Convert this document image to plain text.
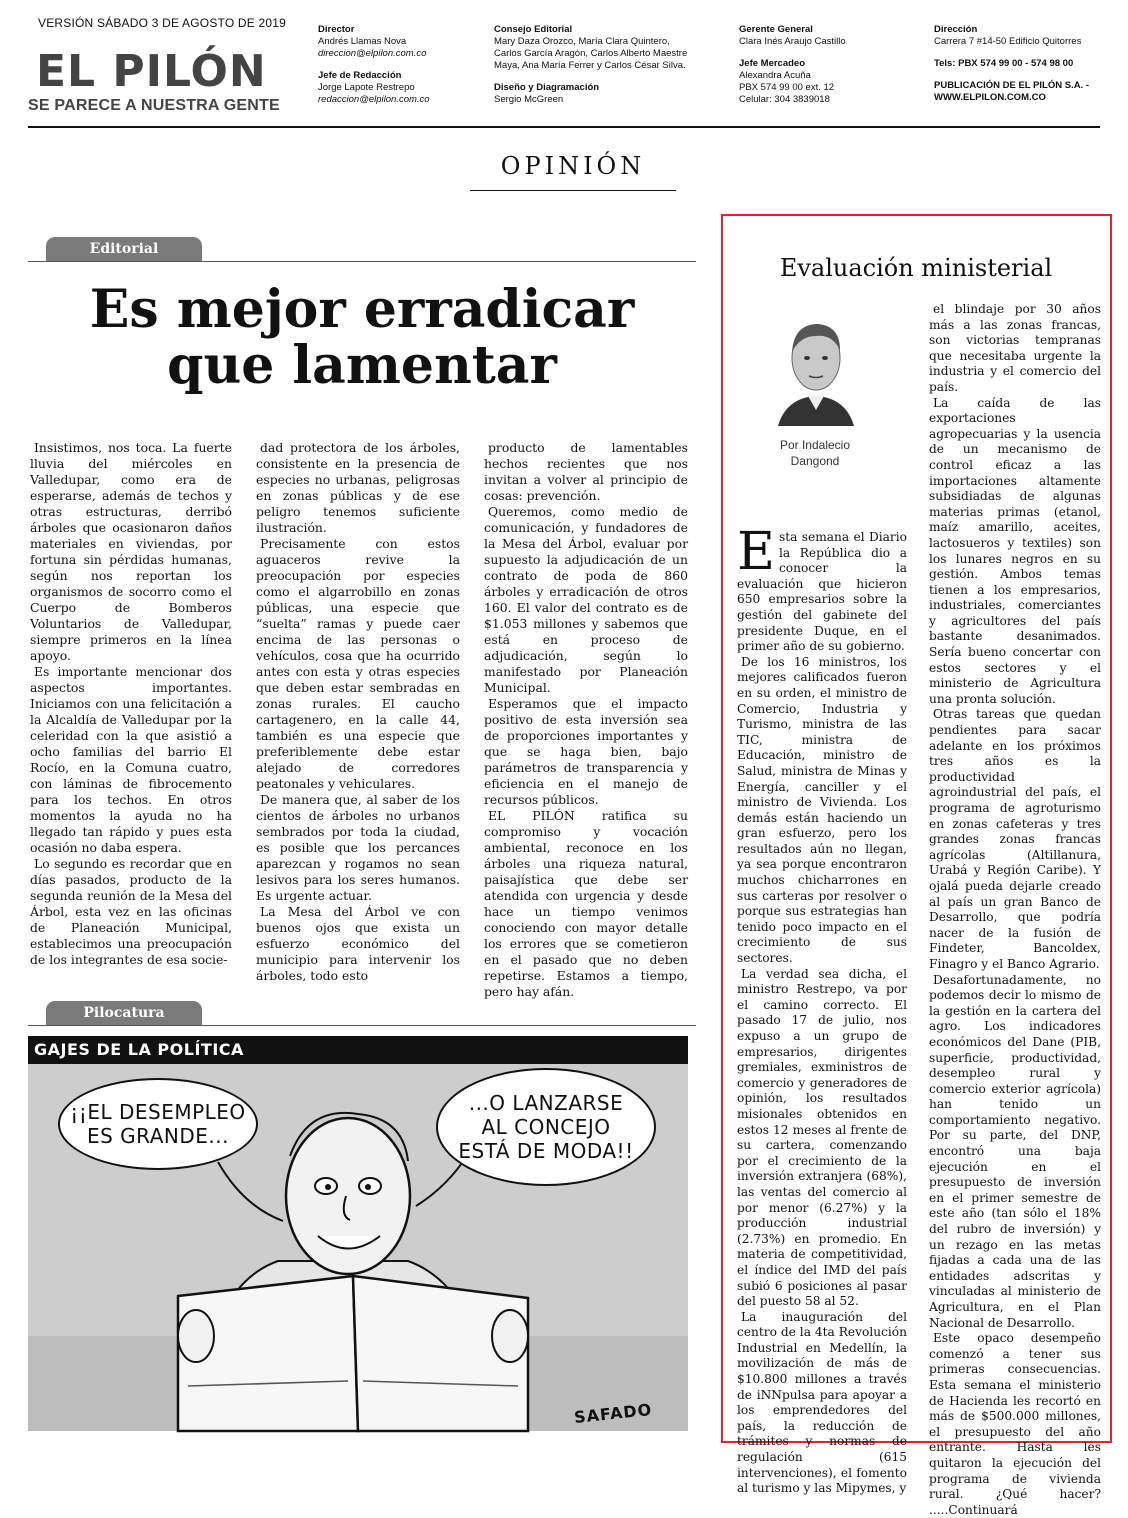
VERSIÓN SÁBADO 3 DE AGOSTO DE 2019
EL PILÓN
SE PARECE A NUESTRA GENTE
Director
Andrés Llamas Nova
direccion@elpilon.com.co
Jefe de Redacción
Jorge Lapote Restrepo
redaccion@elpilon.com.co
Consejo Editorial
Mary Daza Orozco, María Clara Quintero,
Carlos García Aragón, Carlos Alberto Maestre
Maya, Ana María Ferrer y Carlos César Silva.
Diseño y Diagramación
Sergio McGreen
Gerente General
Clara Inés Araujo Castillo
Jefe Mercadeo
Alexandra Acuña
PBX 574 99 00 ext. 12
Celular: 304 3839018
Dirección
Carrera 7 #14-50 Edificio Quitorres
Tels: PBX 574 99 00 - 574 98 00
PUBLICACIÓN DE EL PILÓN S.A. -
WWW.ELPILON.COM.CO
OPINIÓN
Editorial
Es mejor erradicar
que lamentar

Insistimos, nos toca. La fuerte lluvia del miércoles en Valledupar, como era de esperarse, además de techos y otras estructuras, derribó árboles que ocasionaron daños materiales en viviendas, por fortuna sin pérdidas humanas, según nos reportan los organismos de socorro como el Cuerpo de Bomberos Voluntarios de Valledupar, siempre primeros en la línea apoyo.

Es importante mencionar dos aspectos importantes. Iniciamos con una felicitación a la Alcaldía de Valledupar por la celeridad con la que asistió a ocho familias del barrio El Rocío, en la Comuna cuatro, con láminas de fibrocemento para los techos. En otros momentos la ayuda no ha llegado tan rápido y pues esta ocasión no daba espera.

Lo segundo es recordar que en días pasados, producto de la segunda reunión de la Mesa del Árbol, esta vez en las oficinas de Planeación Municipal, establecimos una preocupación de los integrantes de esa socie-

dad protectora de los árboles, consistente en la presencia de especies no urbanas, peligrosas en zonas públicas y de ese peligro tenemos suficiente ilustración.

Precisamente con estos aguaceros revive la preocupación por especies como el algarrobillo en zonas públicas, una especie que “suelta” ramas y puede caer encima de las personas o vehículos, cosa que ha ocurrido antes con esta y otras especies que deben estar sembradas en zonas rurales. El caucho cartagenero, en la calle 44, también es una especie que preferiblemente debe estar alejado de corredores peatonales y vehiculares.

De manera que, al saber de los cientos de árboles no urbanos sembrados por toda la ciudad, es posible que los percances aparezcan y rogamos no sean lesivos para los seres humanos. Es urgente actuar.

La Mesa del Árbol ve con buenos ojos que exista un esfuerzo económico del municipio para intervenir los árboles, todo esto

producto de lamentables hechos recientes que nos invitan a volver al principio de cosas: prevención.

Queremos, como medio de comunicación, y fundadores de la Mesa del Árbol, evaluar por supuesto la adjudicación de un contrato de poda de 860 árboles y erradicación de otros 160. El valor del contrato es de $1.053 millones y sabemos que está en proceso de adjudicación, según lo manifestado por Planeación Municipal.

Esperamos que el impacto positivo de esta inversión sea de proporciones importantes y que se haga bien, bajo parámetros de transparencia y eficiencia en el manejo de recursos públicos.

EL PILÓN ratifica su compromiso y vocación ambiental, reconoce en los árboles una riqueza natural, paisajística que debe ser atendida con urgencia y desde hace un tiempo venimos conociendo con mayor detalle los errores que se cometieron en el pasado que no deben repetirse. Estamos a tiempo, pero hay afán.

Pilocatura
GAJES DE LA POLÍTICA
¡¡EL DESEMPLEO
ES GRANDE...
...O LANZARSE
AL CONCEJO
ESTÁ DE MODA!!
SAFADO
Evaluación ministerial
Por Indalecio
Dangond

Esta semana el Diario la República dio a conocer la evaluación que hicieron 650 empresarios sobre la gestión del gabinete del presidente Duque, en el primer año de su gobierno.

De los 16 ministros, los mejores calificados fueron en su orden, el ministro de Comercio, Industria y Turismo, ministra de las TIC, ministra de Educación, ministro de Salud, ministra de Minas y Energía, canciller y el ministro de Vivienda. Los demás están haciendo un gran esfuerzo, pero los resultados aún no llegan, ya sea porque encontraron muchos chicharrones en sus carteras por resolver o porque sus estrategias han tenido poco impacto en el crecimiento de sus sectores.

La verdad sea dicha, el ministro Restrepo, va por el camino correcto. El pasado 17 de julio, nos expuso a un grupo de empresarios, dirigentes gremiales, exministros de comercio y generadores de opinión, los resultados misionales obtenidos en estos 12 meses al frente de su cartera, comenzando por el crecimiento de la inversión extranjera (68%), las ventas del comercio al por menor (6.27%) y la producción industrial (2.73%) en promedio. En materia de competitividad, el índice del IMD del país subió 6 posiciones al pasar del puesto 58 al 52.

La inauguración del centro de la 4ta Revolución Industrial en Medellín, la movilización de más de $10.800 millones a través de iNNpulsa para apoyar a los emprendedores del país, la reducción de trámites y normas de regulación (615 intervenciones), el fomento al turismo y las Mipymes, y

el blindaje por 30 años más a las zonas francas, son victorias tempranas que necesitaba urgente la industria y el comercio del país.

La caída de las exportaciones agropecuarias y la usencia de un mecanismo de control eficaz a las importaciones altamente subsidiadas de algunas materias primas (etanol, maíz amarillo, aceites, lactosueros y textiles) son los lunares negros en su gestión. Ambos temas tienen a los empresarios, industriales, comerciantes y agricultores del país bastante desanimados. Sería bueno concertar con estos sectores y el ministerio de Agricultura una pronta solución.

Otras tareas que quedan pendientes para sacar adelante en los próximos tres años es la productividad agroindustrial del país, el programa de agroturismo en zonas cafeteras y tres grandes zonas francas agrícolas (Altillanura, Urabá y Región Caribe). Y ojalá pueda dejarle creado al país un gran Banco de Desarrollo, que podría nacer de la fusión de Findeter, Bancoldex, Finagro y el Banco Agrario.

Desafortunadamente, no podemos decir lo mismo de la gestión en la cartera del agro. Los indicadores económicos del Dane (PIB, superficie, productividad, desempleo rural y comercio exterior agrícola) han tenido un comportamiento negativo. Por su parte, del DNP, encontró una baja ejecución en el presupuesto de inversión en el primer semestre de este año (tan sólo el 18% del rubro de inversión) y un rezago en las metas fijadas a cada una de las entidades adscritas y vinculadas al ministerio de Agricultura, en el Plan Nacional de Desarrollo.

Este opaco desempeño comenzó a tener sus primeras consecuencias. Esta semana el ministerio de Hacienda les recortó en más de $500.000 millones, el presupuesto del año entrante. Hasta les quitaron la ejecución del programa de vivienda rural. ¿Qué hacer? .....Continuará
